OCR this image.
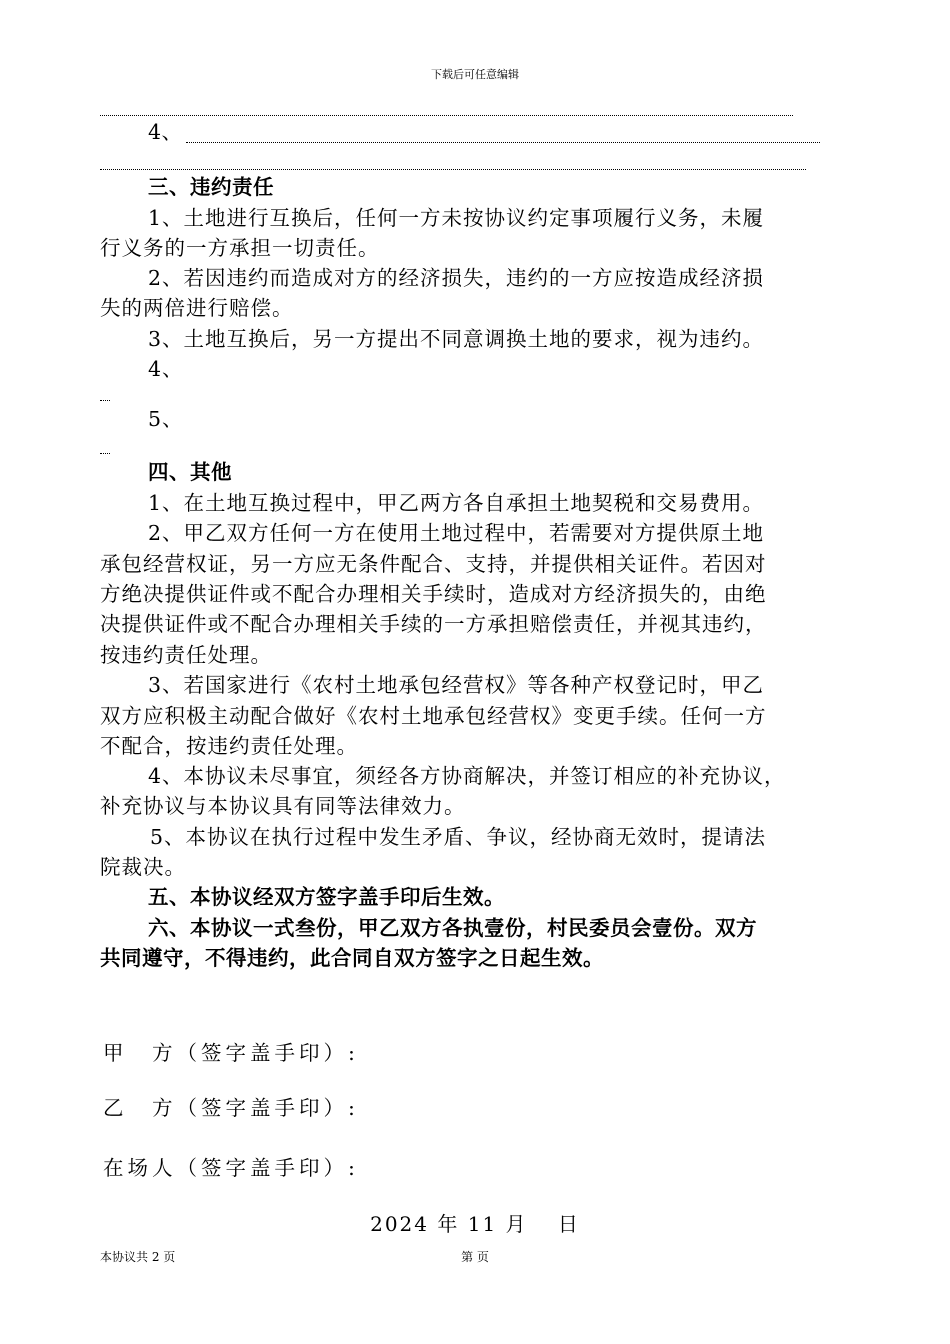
下载后可任意编辑
4、
三、违约责任
1、土地进行互换后，任何一方未按协议约定事项履行义务，未履
行义务的一方承担一切责任。
2、若因违约而造成对方的经济损失，违约的一方应按造成经济损
失的两倍进行赔偿。
3、土地互换后，另一方提出不同意调换土地的要求，视为违约。
4、
5、
四、其他
1、在土地互换过程中，甲乙两方各自承担土地契税和交易费用。
2、甲乙双方任何一方在使用土地过程中，若需要对方提供原土地
承包经营权证，另一方应无条件配合、支持，并提供相关证件。若因对
方绝决提供证件或不配合办理相关手续时，造成对方经济损失的，由绝
决提供证件或不配合办理相关手续的一方承担赔偿责任，并视其违约，
按违约责任处理。
3、若国家进行《农村土地承包经营权》等各种产权登记时，甲乙
双方应积极主动配合做好《农村土地承包经营权》变更手续。任何一方
不配合，按违约责任处理。
4、本协议未尽事宜，须经各方协商解决，并签订相应的补充协议，
补充协议与本协议具有同等法律效力。
5、本协议在执行过程中发生矛盾、争议，经协商无效时，提请法
院裁决。
五、本协议经双方签字盖手印后生效。
六、本协议一式叁份，甲乙双方各执壹份，村民委员会壹份。双方
共同遵守，不得违约，此合同自双方签字之日起生效。
甲　方（签字盖手印）:
乙　方（签字盖手印）:
在场人（签字盖手印）:
2024 年 11 月　 日
本协议共 2 页	第 页
